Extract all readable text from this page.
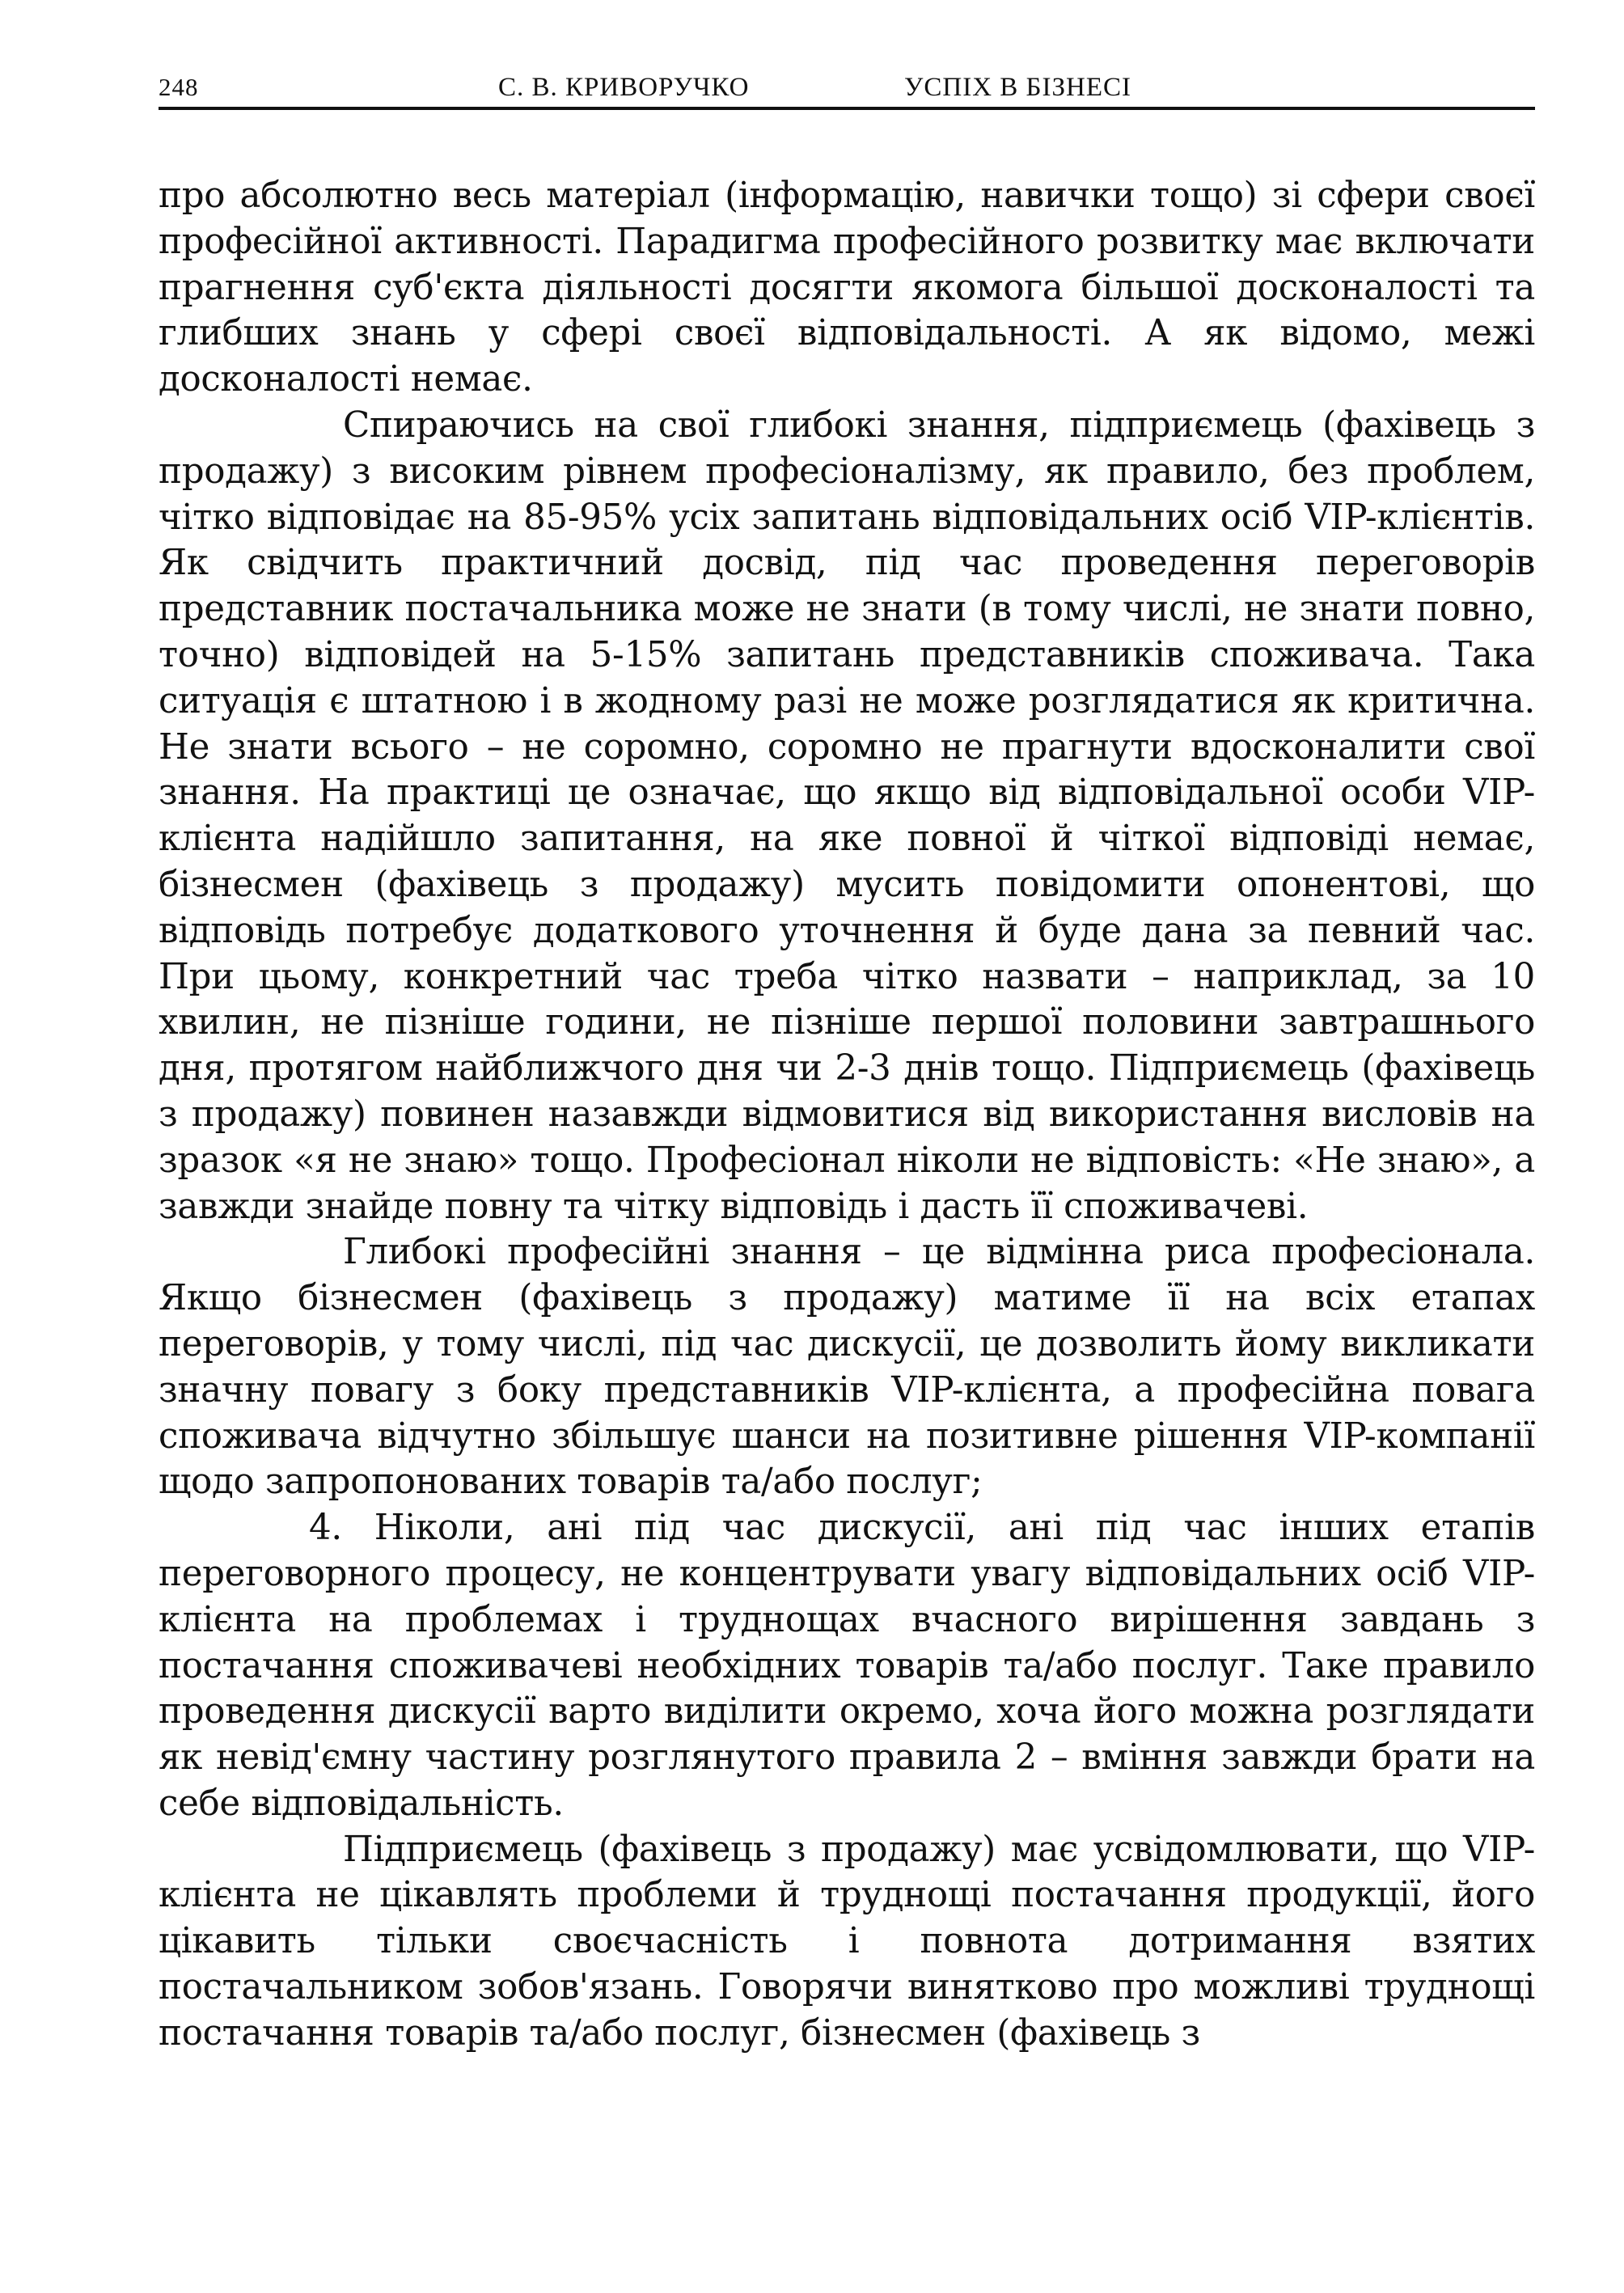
248	С. В. КРИВОРУЧКО	УСПІХ В БІЗНЕСІ

про абсолютно весь матеріал (інформацію, навички тощо) зі сфери своєї професійної активності. Парадигма професійного розвитку має включати прагнення суб'єкта діяльності досягти якомога більшої досконалості та глибших знань у сфері своєї відповідальності. А як відомо, межі досконалості немає.

Спираючись на свої глибокі знання, підприємець (фахівець з продажу) з високим рівнем професіоналізму, як правило, без проблем, чітко відповідає на 85-95% усіх запитань відповідальних осіб VIP-клієнтів. Як свідчить практичний досвід, під час проведення переговорів представник постачальника може не знати (в тому числі, не знати повно, точно) відповідей на 5-15% запитань представників споживача. Така ситуація є штатною і в жодному разі не може розглядатися як критична. Не знати всього – не соромно, соромно не прагнути вдосконалити свої знання. На практиці це означає, що якщо від відповідальної особи VIP-клієнта надійшло запитання, на яке повної й чіткої відповіді немає, бізнесмен (фахівець з продажу) мусить повідомити опонентові, що відповідь потребує додаткового уточнення й буде дана за певний час. При цьому, конкретний час треба чітко назвати – наприклад, за 10 хвилин, не пізніше години, не пізніше першої половини завтрашнього дня, протягом найближчого дня чи 2-3 днів тощо. Підприємець (фахівець з продажу) повинен назавжди відмовитися від використання висловів на зразок «я не знаю» тощо. Професіонал ніколи не відповість: «Не знаю», а завжди знайде повну та чітку відповідь і дасть її споживачеві.

Глибокі професійні знання – це відмінна риса професіонала. Якщо бізнесмен (фахівець з продажу) матиме її на всіх етапах переговорів, у тому числі, під час дискусії, це дозволить йому викликати значну повагу з боку представників VIP-клієнта, а професійна повага споживача відчутно збільшує шанси на позитивне рішення VIP-компанії щодо запропонованих товарів та/або послуг;

4. Ніколи, ані під час дискусії, ані під час інших етапів переговорного процесу, не концентрувати увагу відповідальних осіб VIP-клієнта на проблемах і труднощах вчасного вирішення завдань з постачання споживачеві необхідних товарів та/або послуг. Таке правило проведення дискусії варто виділити окремо, хоча його можна розглядати як невід'ємну частину розглянутого правила 2 – вміння завжди брати на себе відповідальність.

Підприємець (фахівець з продажу) має усвідомлювати, що VIP-клієнта не цікавлять проблеми й труднощі постачання продукції, його цікавить тільки своєчасність і повнота дотримання взятих постачальником зобов'язань. Говорячи винятково про можливі труднощі постачання товарів та/або послуг, бізнесмен (фахівець з
